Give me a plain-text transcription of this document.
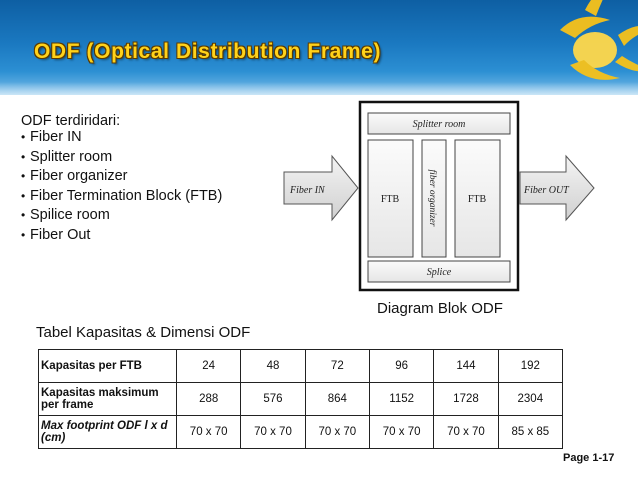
ODF (Optical Distribution Frame)
ODF terdiridari:
• Fiber IN
• Splitter room
• Fiber organizer
• Fiber Termination Block (FTB)
• Spilice room
• Fiber Out
Fiber IN
Splitter room
FTB	fiber organizer	FTB
Splice
Fiber OUT
Diagram Blok ODF
Tabel Kapasitas & Dimensi ODF
Kapasitas per FTB	24	48	72	96	144	192
Kapasitas maksimum per frame	288	576	864	1152	1728	2304
Max footprint ODF l x d (cm)	70 x 70	70 x 70	70 x 70	70 x 70	70 x 70	85 x 85
Page 1-17
